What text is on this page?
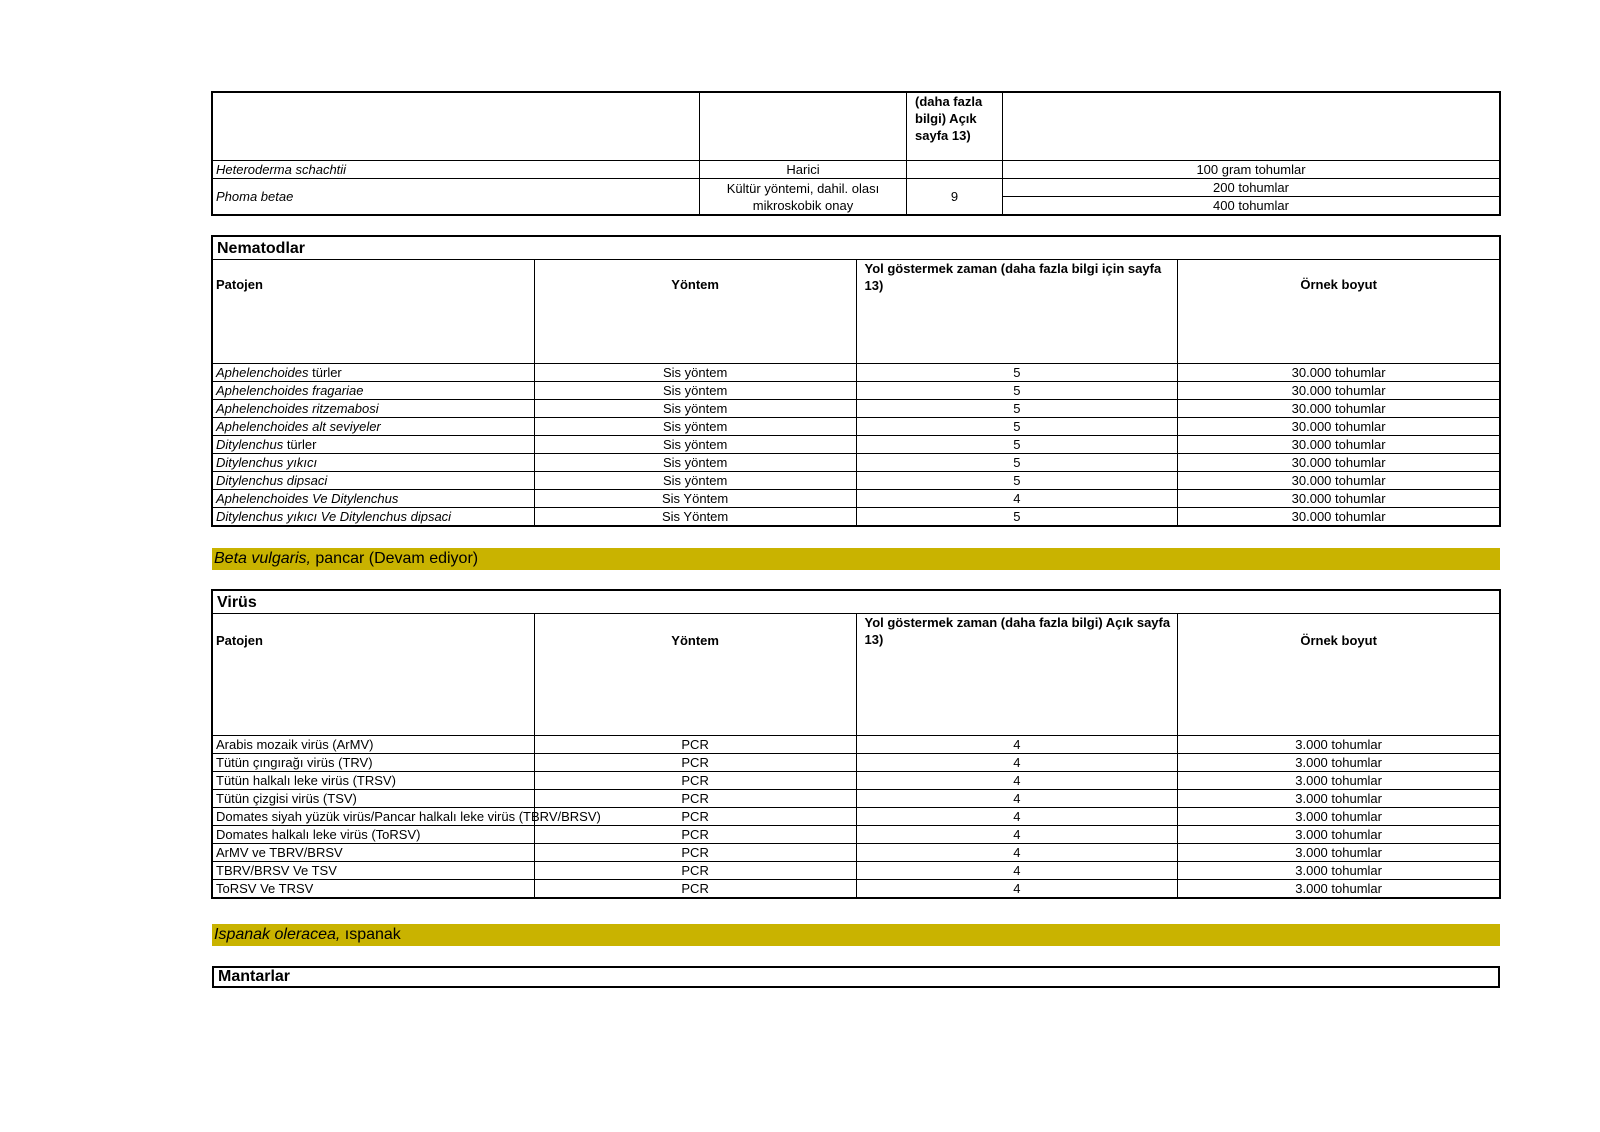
		(daha fazla bilgi) Açık sayfa 13)	
Heteroderma schachtii	Harici		100 gram tohumlar
Phoma betae	Kültür yöntemi, dahil. olası mikroskobik onay	9	200 tohumlar
			400 tohumlar
Nematodlar			
Patojen	Yöntem	Yol göstermek zaman (daha fazla bilgi için sayfa 13)	Örnek boyut
Aphelenchoides türler	Sis yöntem	5	30.000 tohumlar
Aphelenchoides fragariae	Sis yöntem	5	30.000 tohumlar
Aphelenchoides ritzemabosi	Sis yöntem	5	30.000 tohumlar
Aphelenchoides alt seviyeler	Sis yöntem	5	30.000 tohumlar
Ditylenchus türler	Sis yöntem	5	30.000 tohumlar
Ditylenchus yıkıcı	Sis yöntem	5	30.000 tohumlar
Ditylenchus dipsaci	Sis yöntem	5	30.000 tohumlar
Aphelenchoides Ve Ditylenchus	Sis Yöntem	4	30.000 tohumlar
Ditylenchus yıkıcı Ve Ditylenchus dipsaci	Sis Yöntem	5	30.000 tohumlar
Beta vulgaris, pancar (Devam ediyor)
Virüs			
Patojen	Yöntem	Yol göstermek zaman (daha fazla bilgi) Açık sayfa 13)	Örnek boyut
Arabis mozaik virüs (ArMV)	PCR	4	3.000 tohumlar
Tütün çıngırağı virüs (TRV)	PCR	4	3.000 tohumlar
Tütün halkalı leke virüs (TRSV)	PCR	4	3.000 tohumlar
Tütün çizgisi virüs (TSV)	PCR	4	3.000 tohumlar
Domates siyah yüzük virüs/Pancar halkalı leke virüs (TBRV/BRSV)	PCR	4	3.000 tohumlar
Domates halkalı leke virüs (ToRSV)	PCR	4	3.000 tohumlar
ArMV ve TBRV/BRSV	PCR	4	3.000 tohumlar
TBRV/BRSV Ve TSV	PCR	4	3.000 tohumlar
ToRSV Ve TRSV	PCR	4	3.000 tohumlar
Ispanak oleracea, ıspanak
Mantarlar
